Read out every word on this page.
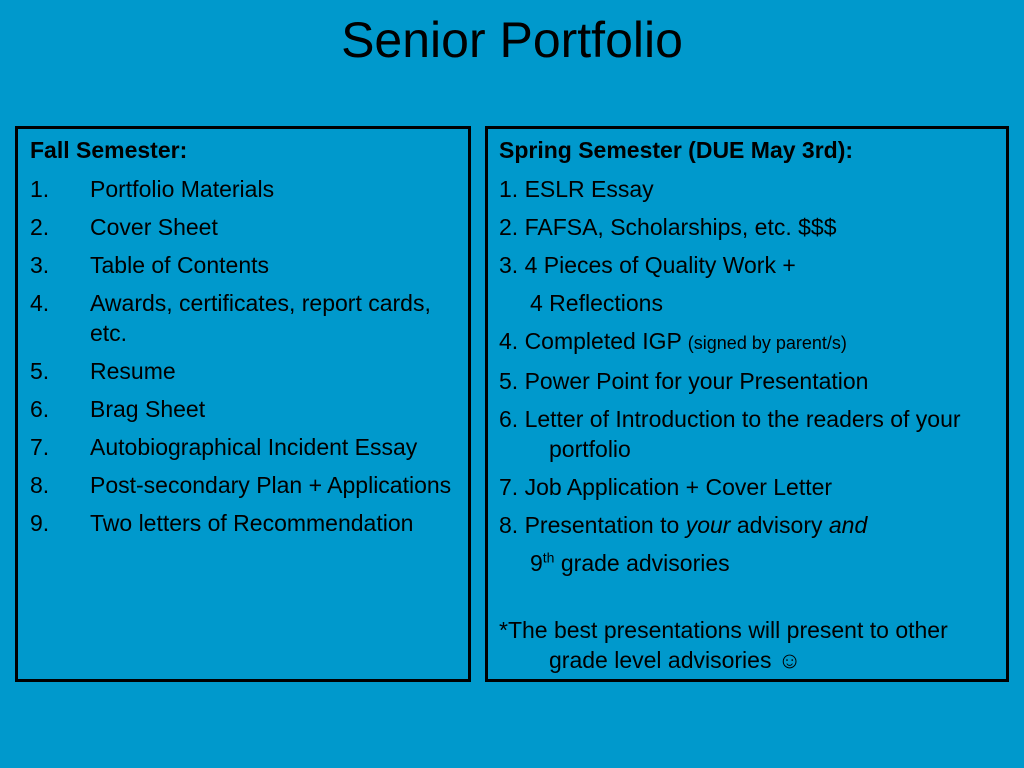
Senior Portfolio
Fall Semester:
1.	Portfolio Materials
2.	Cover Sheet
3.	Table of Contents
4.	Awards, certificates, report cards, etc.
5.	Resume
6.	Brag Sheet
7.	Autobiographical Incident Essay
8.	Post-secondary Plan + Applications
9.	Two letters of Recommendation
Spring Semester (DUE May 3rd):
1. ESLR Essay
2. FAFSA, Scholarships, etc. $$$
3. 4 Pieces of Quality Work +
4 Reflections
4. Completed IGP (signed by parent/s)
5. Power Point for your Presentation
6. Letter of Introduction to the readers of your portfolio
7. Job Application + Cover Letter
8. Presentation to your advisory and
9th grade advisories
*The best presentations will present to other grade level advisories ☺
